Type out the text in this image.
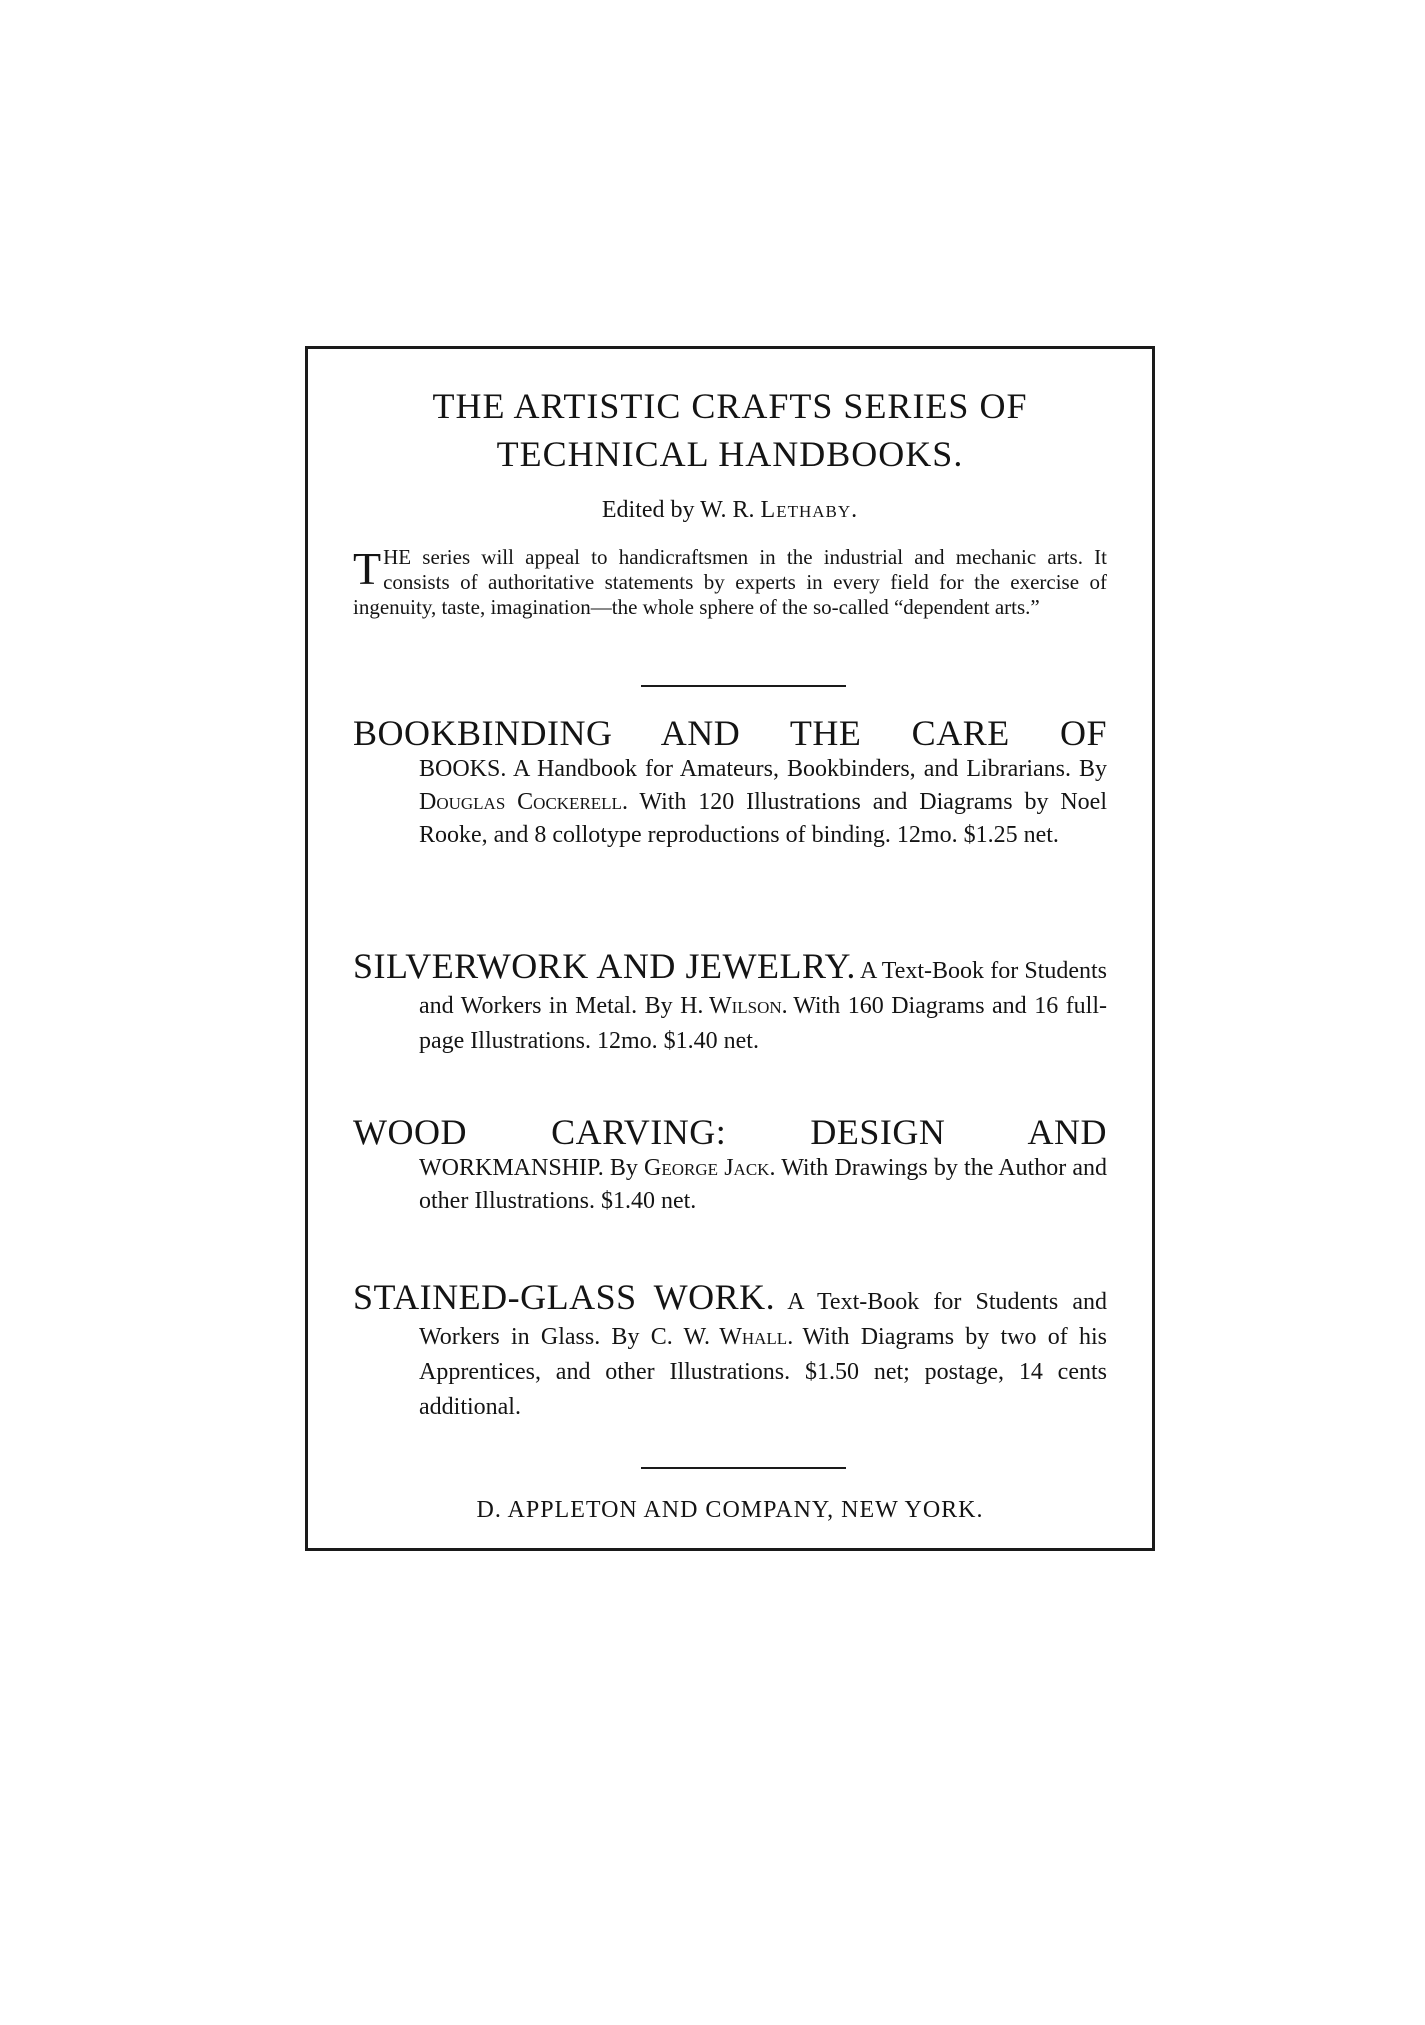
THE ARTISTIC CRAFTS SERIES OF
TECHNICAL HANDBOOKS.
Edited by W. R. Lethaby.

THE series will appeal to handicraftsmen in the industrial and mechanic arts. It consists of authoritative statements by experts in every field for the exercise of ingenuity, taste, imagination—the whole sphere of the so-called “dependent arts.”

BOOKBINDING AND THE CARE OF

BOOKS. A Handbook for Amateurs, Bookbinders, and Librarians. By Douglas Cockerell. With 120 Illustrations and Diagrams by Noel Rooke, and 8 collotype reproductions of binding. 12mo. $1.25 net.

SILVERWORK AND JEWELRY. A Text-Book for Students and Workers in Metal. By H. Wilson. With 160 Diagrams and 16 full-page Illustrations. 12mo. $1.40 net.

WOOD CARVING: DESIGN AND

WORKMANSHIP. By George Jack. With Drawings by the Author and other Illustrations. $1.40 net.

STAINED-GLASS WORK. A Text-Book for Students and Workers in Glass. By C. W. Whall. With Diagrams by two of his Apprentices, and other Illustrations. $1.50 net; postage, 14 cents additional.

D. APPLETON AND COMPANY, NEW YORK.
